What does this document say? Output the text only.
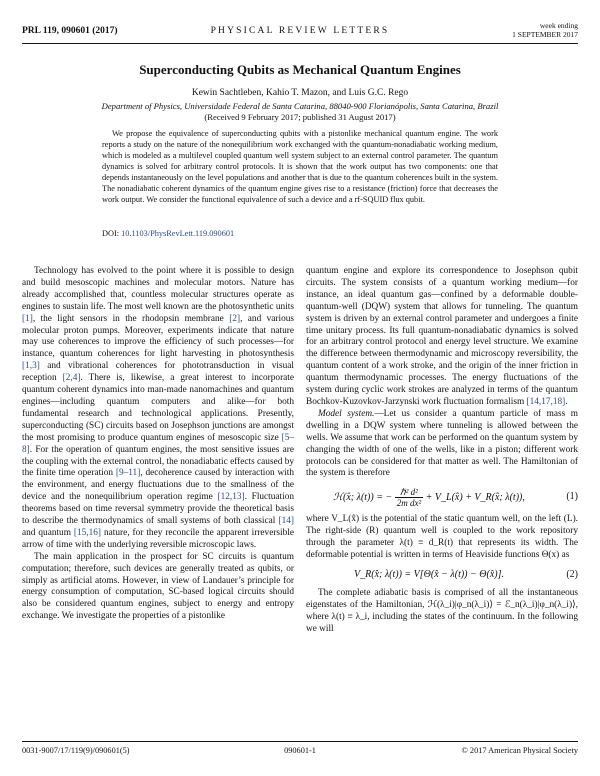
PRL 119, 090601 (2017)	PHYSICAL REVIEW LETTERS
week ending
1 SEPTEMBER 2017
Superconducting Qubits as Mechanical Quantum Engines
Kewin Sachtleben, Kahio T. Mazon, and Luis G.C. Rego
Department of Physics, Universidade Federal de Santa Catarina, 88040-900 Florianópolis, Santa Catarina, Brazil
(Received 9 February 2017; published 31 August 2017)
We propose the equivalence of superconducting qubits with a pistonlike mechanical quantum engine. The work reports a study on the nature of the nonequilibrium work exchanged with the quantum-nonadiabatic working medium, which is modeled as a multilevel coupled quantum well system subject to an external control parameter. The quantum dynamics is solved for arbitrary control protocols. It is shown that the work output has two components: one that depends instantaneously on the level populations and another that is due to the quantum coherences built in the system. The nonadiabatic coherent dynamics of the quantum engine gives rise to a resistance (friction) force that decreases the work output. We consider the functional equivalence of such a device and a rf-SQUID flux qubit.
DOI: 10.1103/PhysRevLett.119.090601

Technology has evolved to the point where it is possible to design and build mesoscopic machines and molecular motors. Nature has already accomplished that, countless molecular structures operate as engines to sustain life. The most well known are the photosynthetic units [1], the light sensors in the rhodopsin membrane [2], and various molecular proton pumps. Moreover, experiments indicate that nature may use coherences to improve the efficiency of such processes—for instance, quantum coherences for light harvesting in photosynthesis [1,3] and vibrational coherences for phototransduction in visual reception [2,4]. There is, likewise, a great interest to incorporate quantum coherent dynamics into man-made nanomachines and quantum engines—including quantum computers and alike—for both fundamental research and technological applications. Presently, superconducting (SC) circuits based on Josephson junctions are amongst the most promising to produce quantum engines of mesoscopic size [5–8]. For the operation of quantum engines, the most sensitive issues are the coupling with the external control, the nonadiabatic effects caused by the finite time operation [9–11], decoherence caused by interaction with the environment, and energy fluctuations due to the smallness of the device and the nonequilibrium operation regime [12,13]. Fluctuation theorems based on time reversal symmetry provide the theoretical basis to describe the thermodynamics of small systems of both classical [14] and quantum [15,16] nature, for they reconcile the apparent irreversible arrow of time with the underlying reversible microscopic laws.

The main application in the prospect for SC circuits is quantum computation; therefore, such devices are generally treated as qubits, or simply as artificial atoms. However, in view of Landauer’s principle for energy consumption of computation, SC-based logical circuits should also be considered quantum engines, subject to energy and entropy exchange. We investigate the properties of a pistonlike

quantum engine and explore its correspondence to Josephson qubit circuits. The system consists of a quantum working medium—for instance, an ideal quantum gas—confined by a deformable double-quantum-well (DQW) system that allows for tunneling. The quantum system is driven by an external control parameter and undergoes a finite time unitary process. Its full quantum-nonadiabatic dynamics is solved for an arbitrary control protocol and energy level structure. We examine the difference between thermodynamic and microscopy reversibility, the quantum content of a work stroke, and the origin of the inner friction in quantum thermodynamic processes. The energy fluctuations of the system during cyclic work strokes are analyzed in terms of the quantum Bochkov-Kuzovkov-Jarzynski work fluctuation formalism [14,17,18].

Model system.—Let us consider a quantum particle of mass m dwelling in a DQW system where tunneling is allowed between the wells. We assume that work can be performed on the quantum system by changing the width of one of the wells, like in a piston; different work protocols can be considered for that matter as well. The Hamiltonian of the system is therefore

ℋ(x̂; λ(t)) = − $\frac{\text{ℏ² d²}}{\text{2m dx²}}$ + V_L(x̂) + V_R(x̂; λ(t)),	(1)

where V_L(x̂) is the potential of the static quantum well, on the left (L). The right-side (R) quantum well is coupled to the work repository through the parameter λ(t) ≡ d_R(t) that represents its width. The deformable potential is written in terms of Heaviside functions Θ(x) as

V_R(x̂; λ(t)) = V[Θ(x̂ − λ(t)) − Θ(x̂)].	(2)

The complete adiabatic basis is comprised of all the instantaneous eigenstates of the Hamiltonian, ℋ(λ_i)|φ_n(λ_i)⟩ = ℰ_n(λ_i)|φ_n(λ_i)⟩, where λ(t) ≡ λ_i, including the states of the continuum. In the following we will

0031-9007/17/119(9)/090601(5)	090601-1	© 2017 American Physical Society
